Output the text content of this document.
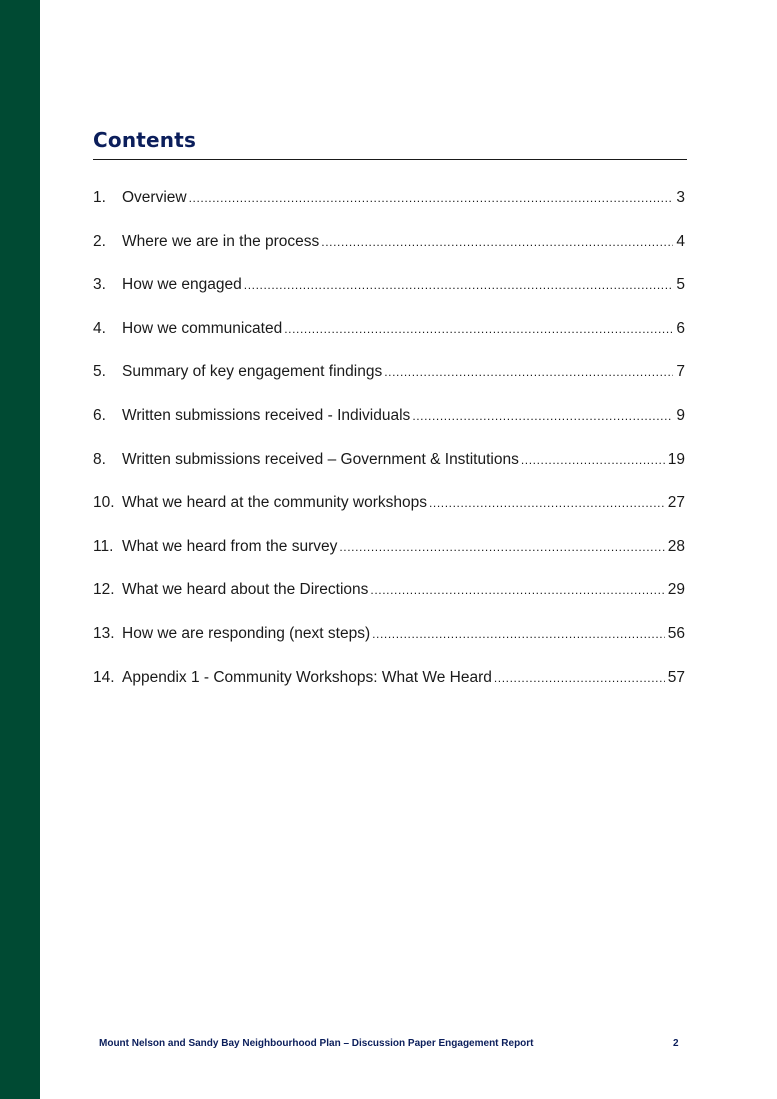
Contents
1.	Overview .....	3
2.	Where we are in the process .....	4
3.	How we engaged .....	5
4.	How we communicated .....	6
5.	Summary of key engagement findings .....	7
6.	Written submissions received - Individuals .....	9
8.	Written submissions received – Government & Institutions .....	19
10. What we heard at the community workshops .....	27
11. What we heard from the survey .....	28
12. What we heard about the Directions .....	29
13. How we are responding (next steps) .....	56
14. Appendix 1 - Community Workshops: What We Heard .....	57
Mount Nelson and Sandy Bay Neighbourhood Plan – Discussion Paper Engagement Report	2
